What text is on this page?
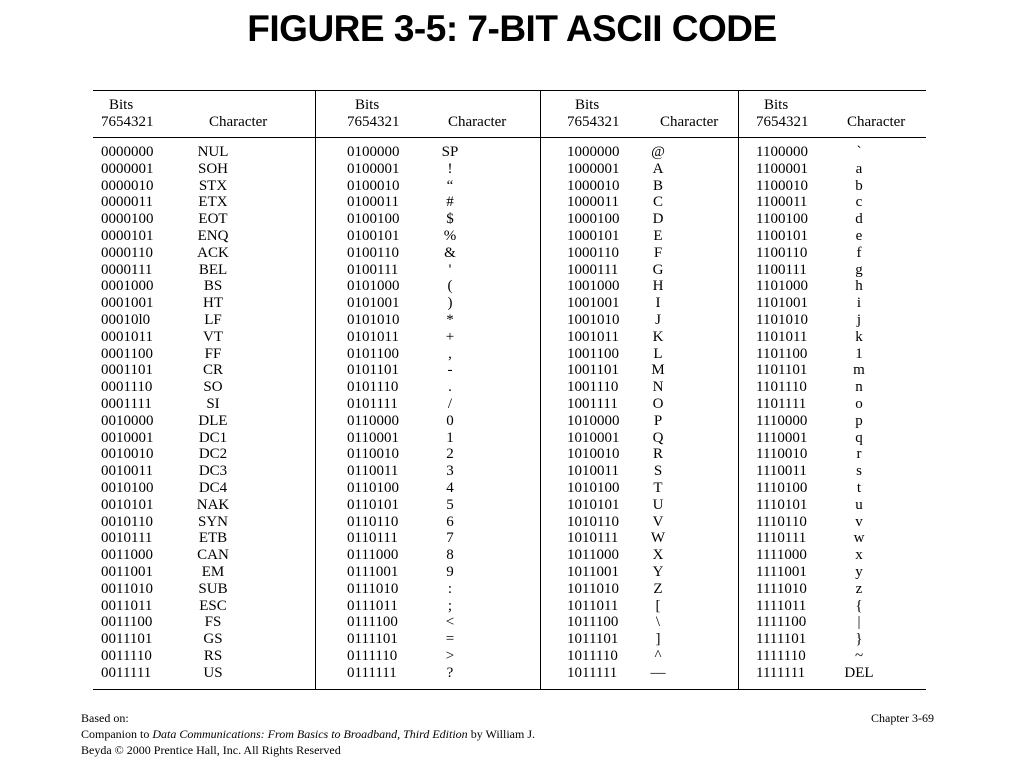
FIGURE 3-5: 7-BIT ASCII CODE
Bits
7654321	Character
0000000	NUL
0000001	SOH
0000010	STX
0000011	ETX
0000100	EOT
0000101	ENQ
0000110	ACK
0000111	BEL
0001000	BS
0001001	HT
00010l0	LF
0001011	VT
0001100	FF
0001101	CR
0001110	SO
0001111	SI
0010000	DLE
0010001	DC1
0010010	DC2
0010011	DC3
0010100	DC4
0010101	NAK
0010110	SYN
0010111	ETB
0011000	CAN
0011001	EM
0011010	SUB
0011011	ESC
0011100	FS
0011101	GS
0011110	RS
0011111	US
Bits
7654321	Character
0100000	SP
0100001	!
0100010	“
0100011	#
0100100	$
0100101	%
0100110	&
0100111	'
0101000	(
0101001	)
0101010	*
0101011	+
0101100	,
0101101	-
0101110	.
0101111	/
0110000	0
0110001	1
0110010	2
0110011	3
0110100	4
0110101	5
0110110	6
0110111	7
0111000	8
0111001	9
0111010	:
0111011	;
0111100	<
0111101	=
0111110	>
0111111	?
Bits
7654321	Character
1000000	@
1000001	A
1000010	B
1000011	C
1000100	D
1000101	E
1000110	F
1000111	G
1001000	H
1001001	I
1001010	J
1001011	K
1001100	L
1001101	M
1001110	N
1001111	O
1010000	P
1010001	Q
1010010	R
1010011	S
1010100	T
1010101	U
1010110	V
1010111	W
1011000	X
1011001	Y
1011010	Z
1011011	[
1011100	\
1011101	]
1011110	^
1011111	—
Bits
7654321	Character
1100000	`
1100001	a
1100010	b
1100011	c
1100100	d
1100101	e
1100110	f
1100111	g
1101000	h
1101001	i
1101010	j
1101011	k
1101100	1
1101101	m
1101110	n
1101111	o
1110000	p
1110001	q
1110010	r
1110011	s
1110100	t
1110101	u
1110110	v
1110111	w
1111000	x
1111001	y
1111010	z
1111011	{
1111100	|
1111101	}
1111110	~
1111111	DEL
Based on:
Companion to Data Communications: From Basics to Broadband, Third Edition by William J.
Beyda © 2000 Prentice Hall, Inc. All Rights Reserved
Chapter 3-69
